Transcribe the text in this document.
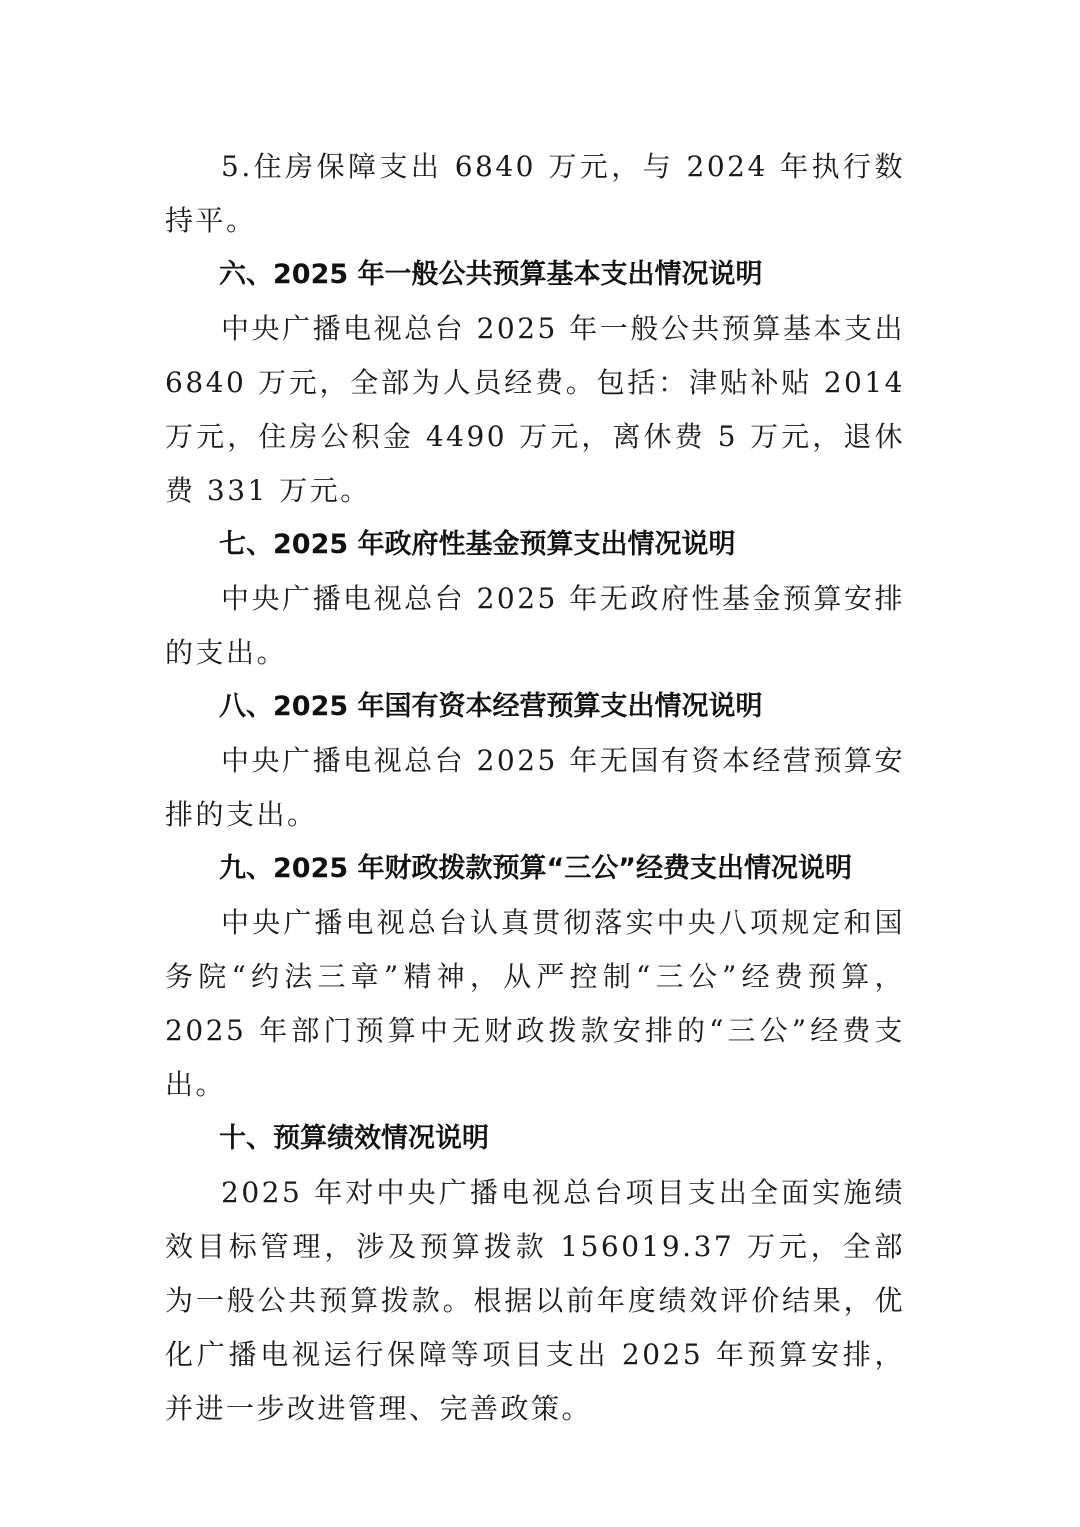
5.住房保障支出 6840 万元，与 2024 年执行数持平。

六、2025 年一般公共预算基本支出情况说明

中央广播电视总台 2025 年一般公共预算基本支出 6840 万元，全部为人员经费。包括：津贴补贴 2014 万元，住房公积金 4490 万元，离休费 5 万元，退休费 331 万元。

七、2025 年政府性基金预算支出情况说明

中央广播电视总台 2025 年无政府性基金预算安排的支出。

八、2025 年国有资本经营预算支出情况说明

中央广播电视总台 2025 年无国有资本经营预算安排的支出。

九、2025 年财政拨款预算“三公”经费支出情况说明

中央广播电视总台认真贯彻落实中央八项规定和国务院“约法三章”精神，从严控制“三公”经费预算，2025 年部门预算中无财政拨款安排的“三公”经费支出。

十、预算绩效情况说明

2025 年对中央广播电视总台项目支出全面实施绩效目标管理，涉及预算拨款 156019.37 万元，全部为一般公共预算拨款。根据以前年度绩效评价结果，优化广播电视运行保障等项目支出 2025 年预算安排，并进一步改进管理、完善政策。
